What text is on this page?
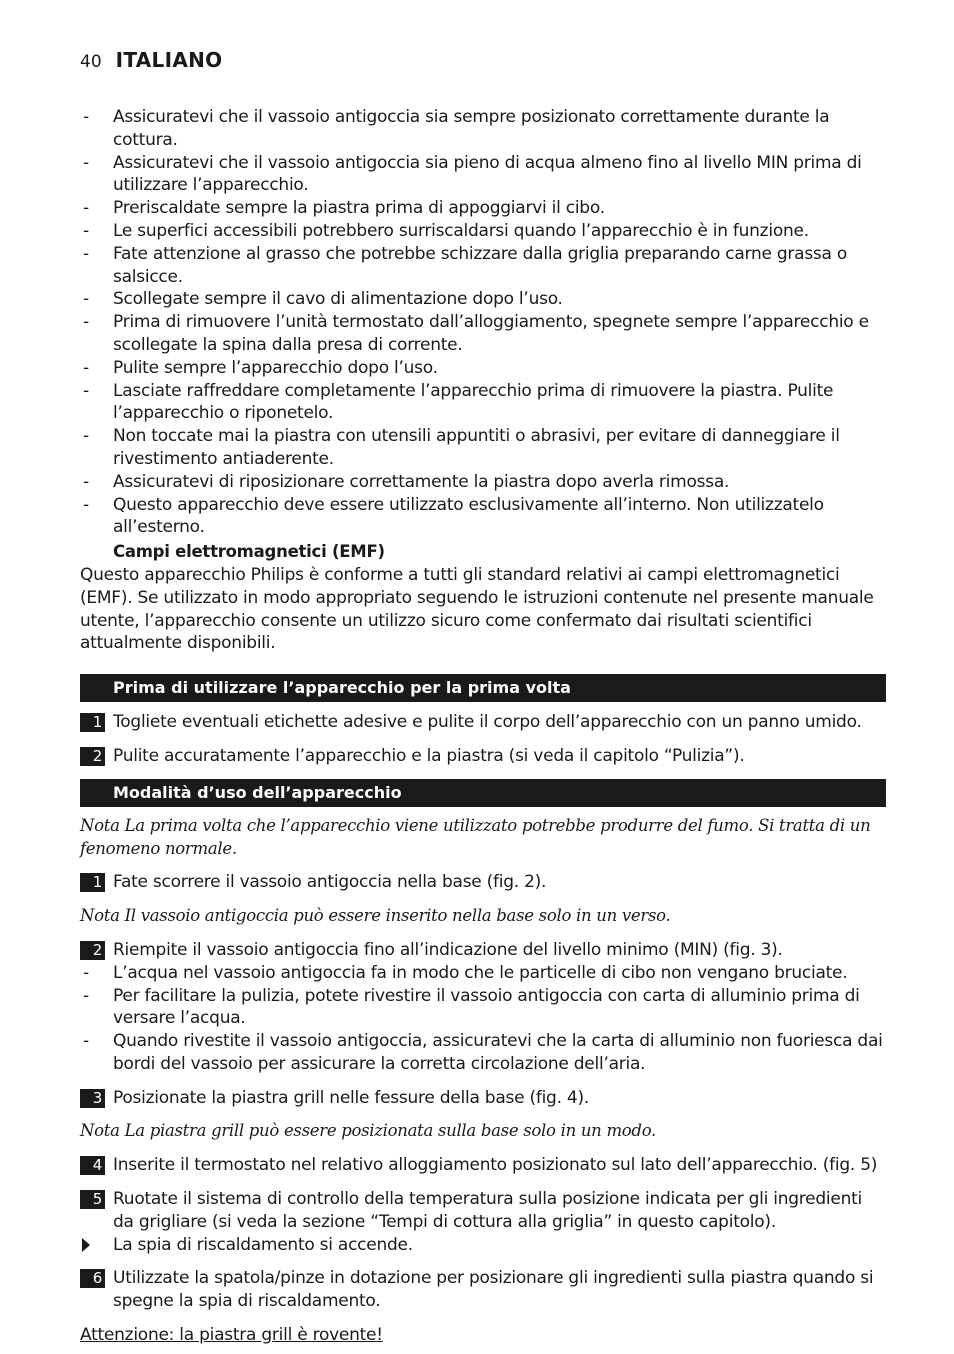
40 ITALIANO
- Assicuratevi che il vassoio antigoccia sia sempre posizionato correttamente durante la cottura.
- Assicuratevi che il vassoio antigoccia sia pieno di acqua almeno fino al livello MIN prima di utilizzare l’apparecchio.
- Preriscaldate sempre la piastra prima di appoggiarvi il cibo.
- Le superfici accessibili potrebbero surriscaldarsi quando l’apparecchio è in funzione.
- Fate attenzione al grasso che potrebbe schizzare dalla griglia preparando carne grassa o salsicce.
- Scollegate sempre il cavo di alimentazione dopo l’uso.
- Prima di rimuovere l’unità termostato dall’alloggiamento, spegnete sempre l’apparecchio e scollegate la spina dalla presa di corrente.
- Pulite sempre l’apparecchio dopo l’uso.
- Lasciate raffreddare completamente l’apparecchio prima di rimuovere la piastra. Pulite l’apparecchio o riponetelo.
- Non toccate mai la piastra con utensili appuntiti o abrasivi, per evitare di danneggiare il rivestimento antiaderente.
- Assicuratevi di riposizionare correttamente la piastra dopo averla rimossa.
- Questo apparecchio deve essere utilizzato esclusivamente all’interno. Non utilizzatelo all’esterno.
Campi elettromagnetici (EMF)

Questo apparecchio Philips è conforme a tutti gli standard relativi ai campi elettromagnetici (EMF). Se utilizzato in modo appropriato seguendo le istruzioni contenute nel presente manuale utente, l’apparecchio consente un utilizzo sicuro come confermato dai risultati scientifici attualmente disponibili.

Prima di utilizzare l’apparecchio per la prima volta
1 Togliete eventuali etichette adesive e pulite il corpo dell’apparecchio con un panno umido.
2 Pulite accuratamente l’apparecchio e la piastra (si veda il capitolo “Pulizia”).
Modalità d’uso dell’apparecchio

Nota La prima volta che l’apparecchio viene utilizzato potrebbe produrre del fumo. Si tratta di un fenomeno normale.

1 Fate scorrere il vassoio antigoccia nella base (fig. 2).

Nota Il vassoio antigoccia può essere inserito nella base solo in un verso.

2 Riempite il vassoio antigoccia fino all’indicazione del livello minimo (MIN) (fig. 3).
- L’acqua nel vassoio antigoccia fa in modo che le particelle di cibo non vengano bruciate.
- Per facilitare la pulizia, potete rivestire il vassoio antigoccia con carta di alluminio prima di versare l’acqua.
- Quando rivestite il vassoio antigoccia, assicuratevi che la carta di alluminio non fuoriesca dai bordi del vassoio per assicurare la corretta circolazione dell’aria.
3 Posizionate la piastra grill nelle fessure della base (fig. 4).

Nota La piastra grill può essere posizionata sulla base solo in un modo.

4 Inserite il termostato nel relativo alloggiamento posizionato sul lato dell’apparecchio. (fig. 5)
5 Ruotate il sistema di controllo della temperatura sulla posizione indicata per gli ingredienti da grigliare (si veda la sezione “Tempi di cottura alla griglia” in questo capitolo).
La spia di riscaldamento si accende.
6 Utilizzate la spatola/pinze in dotazione per posizionare gli ingredienti sulla piastra quando si spegne la spia di riscaldamento.

Attenzione: la piastra grill è rovente!
